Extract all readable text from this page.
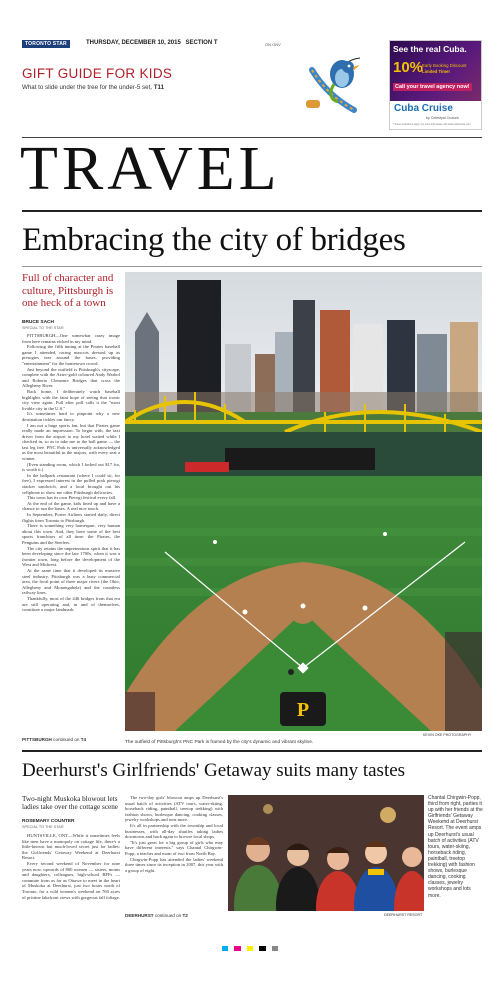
TORONTO STAR	THURSDAY, DECEMBER 10, 2015 SECTION T	ON ONV
GIFT GUIDE FOR KIDS
What to slide under the tree for the under-5 set, T11
See the real Cuba.
10%
Early Booking Discount
Limited Time!
Call your travel agency now!
Cuba Cruise
by Celestyal Cruises
* Some restrictions apply. For more info please visit www.cubacruise.com
TRAVEL
Embracing the city of bridges
Full of character and culture, Pittsburgh is one heck of a town
BRUCE SACH
SPECIAL TO THE STAR

PITTSBURGH—One somewhat crazy image from here remains etched in my mind.

Following the fifth inning at the Pirates baseball game I attended, racing mascots dressed up as pierogies tear around the bases, providing "entertainment" for the hometown crowd.

Just beyond the outfield is Pittsburgh's cityscape, complete with the Aztec-gold coloured Andy Warhol and Roberto Clemente Bridges that cross the Allegheny River.

Back home, I deliberately watch baseball highlights with the faint hope of seeing that iconic city view again. Full after poll calls it the "most livable city in the U.S."

It's sometimes hard to pinpoint why a new destination tickles our fancy.

I am not a huge sports fan, but that Pirates game really made an impression. To begin with, the taxi driver from the airport to my hotel waited while I checked in, so as to take me to the ball game — the last leg free. PNC Park is universally acknowledged as the most beautiful in the majors, with every seat a winner.

(Even standing room, which I forked out $17 for, is worth it.)

In the ballpark restaurant (where I could sit, for free), I expressed interest in the pulled pork pierogi stacker sandwich, and a local brought out his cellphone to show me other Pittsburgh delicacies.

This town has its own Pierogi festival every fall.

At the end of the game, kids lined up and have a chance to run the bases. A real nice touch.

In September, Porter Airlines started daily, direct flights from Toronto to Pittsburgh.

There is something very homespun, very human about this town. And, they have some of the best sports franchises of all time: the Pirates, the Penguins and the Steelers.

The city retains the unpretentious spirit that it has been developing since the late 1700s, when it was a frontier town, long before the development of the West and Midwest.

At the same time that it developed its massive steel industry, Pittsburgh was a busy commercial area, the focal point of three major rivers (the Ohio, Allegheny and Monongahela) and the countless railway lines.

Thankfully, most of the 446 bridges from that era are still operating and, in and of themselves, constitute a major landmark.

PITTSBURGH continued on T4
P
KEVIN OKE PHOTOGRAPHY
The outfield of Pittsburgh's PNC Park is framed by the city's dynamic and vibrant skyline.
Deerhurst's Girlfriends' Getaway suits many tastes
Two-night Muskoka blowout lets ladies take over the cottage scene
ROSEMARY COUNTER
SPECIAL TO THE STAR

HUNTSVILLE, ONT—While it sometimes feels like men have a monopoly on cottage life, there's a little-known but much-loved secret just for ladies: the Girlfriends' Getaway Weekend at Deerhurst Resort.

Every second weekend of November for nine years now, upwards of 800 women — sisters, moms and daughters, colleagues, high-school BFFs — commute from as far as Ottawa to meet in the heart of Muskoka at Deerhurst, just two hours north of Toronto, for a wild women's weekend on 760 acres of pristine lakefront views with gorgeous fall foliage.

The two-day girls' blowout amps up Deerhurst's usual batch of activities (ATV tours, water-skiing, horseback riding, paintball, treetop trekking) with fashion shows, burlesque dancing, cooking classes, jewelry workshops and tons more.

It's all in partnership with the township and local businesses, with all-day shuttles taking ladies downtown and back again to browse local shops.

"It's just great for a big group of girls who may have different interests," says Chantal Chirgwin-Popp, a teacher and mom of two from North Bay.

Chirgwin-Popp has attended the ladies' weekend three times since its inception in 2007, this year with a group of eight.

DEERHURST continued on T2	DEERHURST RESORT
Chantal Chirgwin-Popp, third from right, parties it up with her friends at the Girlfriends' Getaway Weekend at Deerhurst Resort. The event amps up Deerhurst's usual batch of activities (ATV tours, water-skiing, horseback riding, paintball, treetop trekking) with fashion shows, burlesque dancing, cooking classes, jewelry workshops and lots more.
